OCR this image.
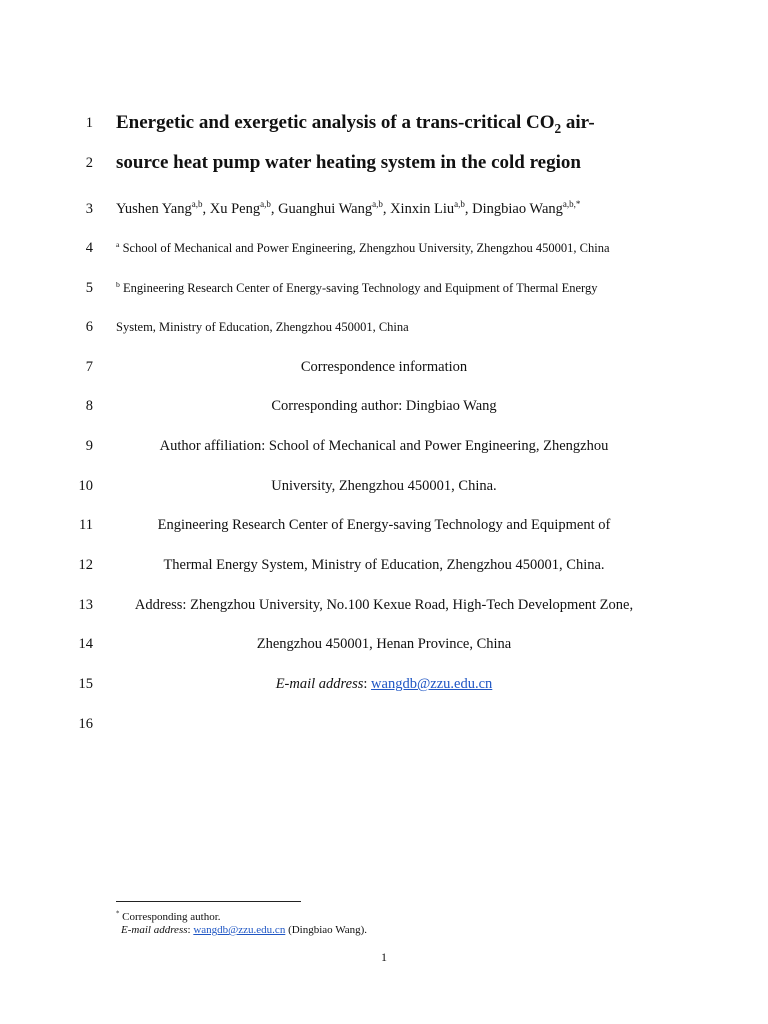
1 Energetic and exergetic analysis of a trans-critical $CO_2$ air-
2 source heat pump water heating system in the cold region
3 Yushen Yang$^{a,b}$, Xu Peng$^{a,b}$, Guanghui Wang$^{a,b}$, Xinxin Liu$^{a,b}$, Dingbiao Wang$^{a,b,*}$
4	$^a$ School of Mechanical and Power Engineering, Zhengzhou University, Zhengzhou 450001, China
5	$^b$ Engineering Research Center of Energy-saving Technology and Equipment of Thermal Energy
6 System, Ministry of Education, Zhengzhou 450001, China
7	Correspondence information
8	Corresponding author: Dingbiao Wang
9	Author affiliation: School of Mechanical and Power Engineering, Zhengzhou
10	University, Zhengzhou 450001, China.
11	Engineering Research Center of Energy-saving Technology and Equipment of
12	Thermal Energy System, Ministry of Education, Zhengzhou 450001, China.
13	Address: Zhengzhou University, No.100 Kexue Road, High-Tech Development Zone,
14	Zhengzhou 450001, Henan Province, China
15	E-mail address: wangdb@zzu.edu.cn
16
* Corresponding author.
E-mail address: wangdb@zzu.edu.cn (Dingbiao Wang).
1
